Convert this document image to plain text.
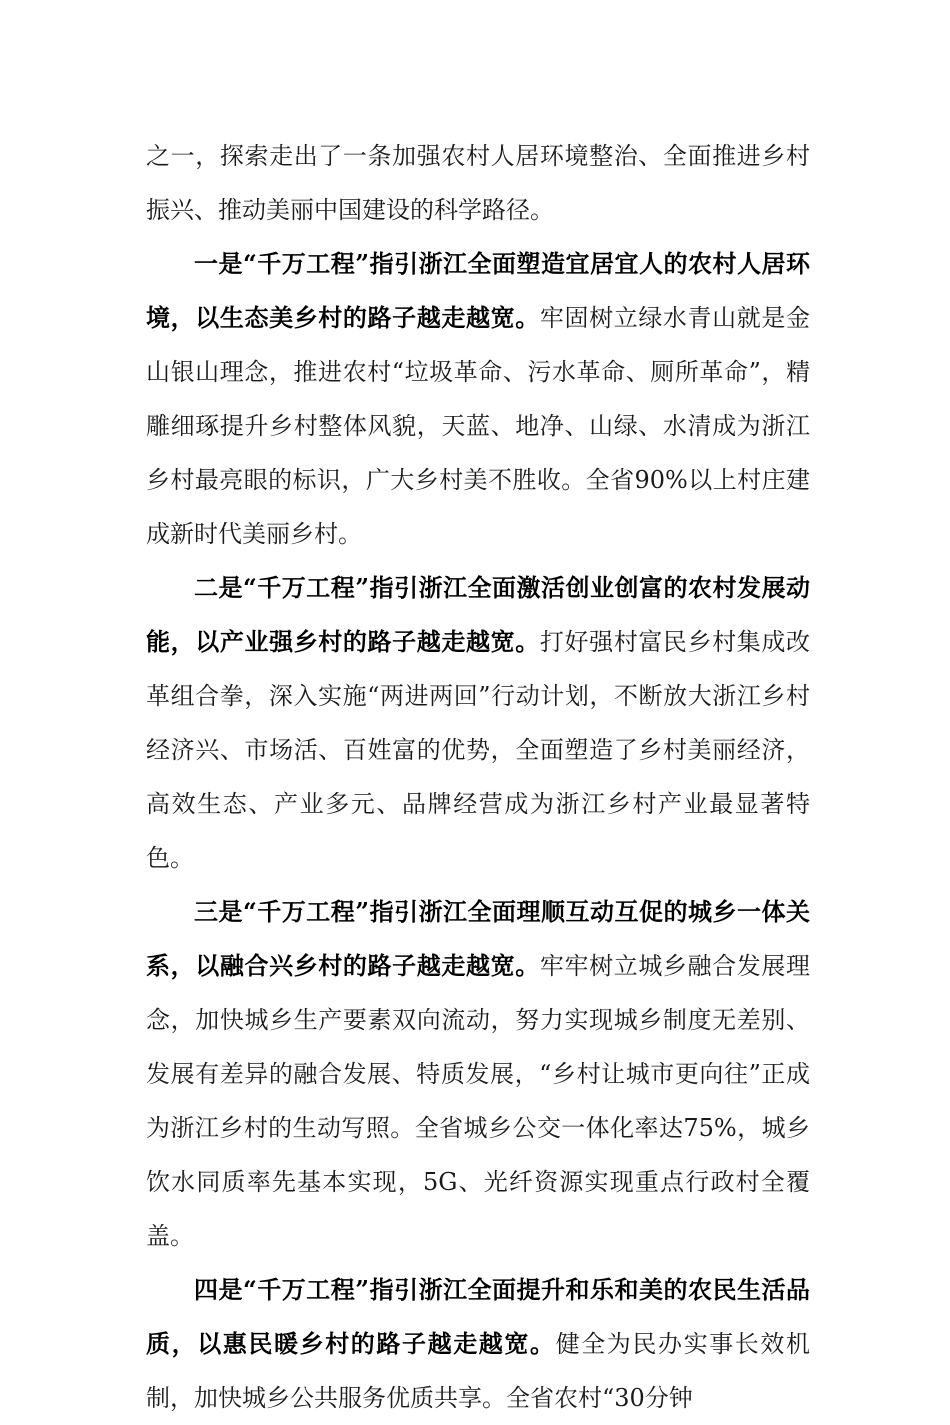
之一，探索走出了一条加强农村人居环境整治、全面推进乡村振兴、推动美丽中国建设的科学路径。

一是“千万工程”指引浙江全面塑造宜居宜人的农村人居环境，以生态美乡村的路子越走越宽。牢固树立绿水青山就是金山银山理念，推进农村“垃圾革命、污水革命、厕所革命”，精雕细琢提升乡村整体风貌，天蓝、地净、山绿、水清成为浙江乡村最亮眼的标识，广大乡村美不胜收。全省90%以上村庄建成新时代美丽乡村。

二是“千万工程”指引浙江全面激活创业创富的农村发展动能，以产业强乡村的路子越走越宽。打好强村富民乡村集成改革组合拳，深入实施“两进两回”行动计划，不断放大浙江乡村经济兴、市场活、百姓富的优势，全面塑造了乡村美丽经济，高效生态、产业多元、品牌经营成为浙江乡村产业最显著特色。

三是“千万工程”指引浙江全面理顺互动互促的城乡一体关系，以融合兴乡村的路子越走越宽。牢牢树立城乡融合发展理念，加快城乡生产要素双向流动，努力实现城乡制度无差别、发展有差异的融合发展、特质发展，“乡村让城市更向往”正成为浙江乡村的生动写照。全省城乡公交一体化率达75%，城乡饮水同质率先基本实现，5G、光纤资源实现重点行政村全覆盖。

四是“千万工程”指引浙江全面提升和乐和美的农民生活品质，以惠民暖乡村的路子越走越宽。健全为民办实事长效机制，加快城乡公共服务优质共享。全省农村“30分钟
